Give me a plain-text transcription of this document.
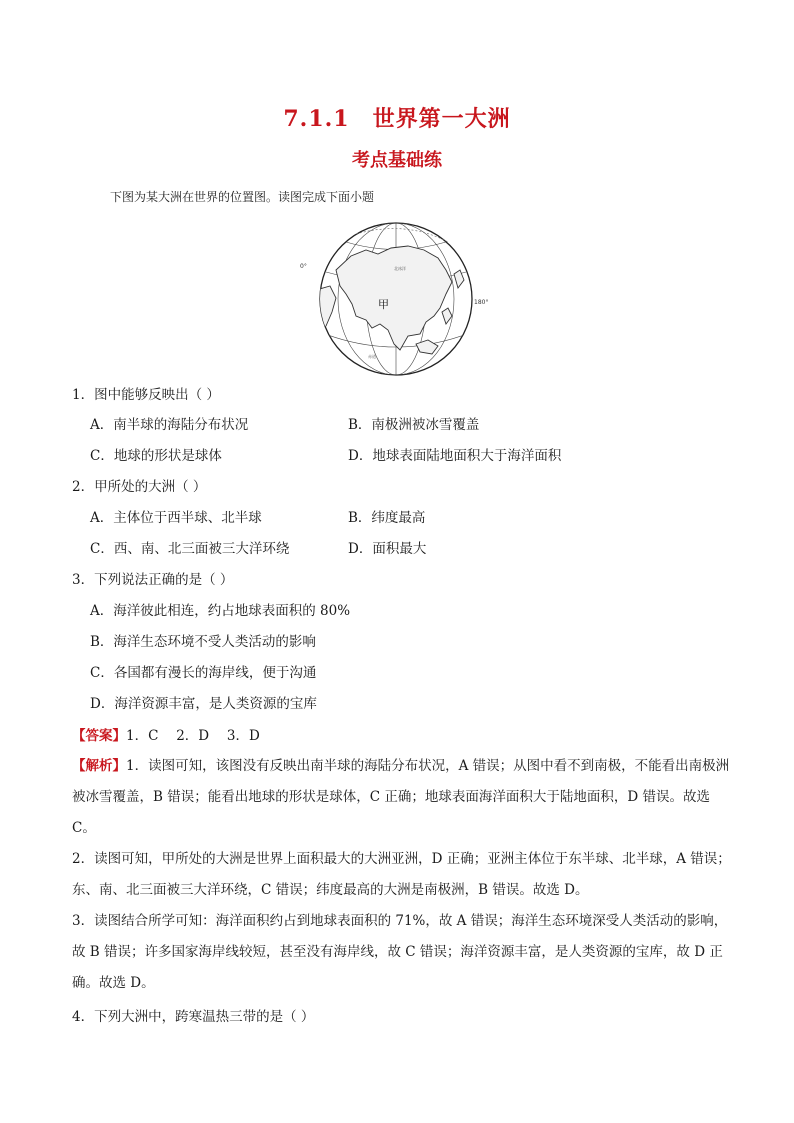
7.1.1　世界第一大洲
考点基础练
下图为某大洲在世界的位置图。读图完成下面小题
甲
北冰洋
赤道
0°
180°
1．图中能够反映出（ ）
A．南半球的海陆分布状况	B．南极洲被冰雪覆盖
C．地球的形状是球体	D．地球表面陆地面积大于海洋面积
2．甲所处的大洲（ ）
A．主体位于西半球、北半球	B．纬度最高
C．西、南、北三面被三大洋环绕	D．面积最大
3．下列说法正确的是（ ）
A．海洋彼此相连，约占地球表面积的 80%
B．海洋生态环境不受人类活动的影响
C．各国都有漫长的海岸线，便于沟通
D．海洋资源丰富，是人类资源的宝库
【答案】1．C　 2．D　 3．D
【解析】1．读图可知，该图没有反映出南半球的海陆分布状况，A 错误；从图中看不到南极，不能看出南极洲被冰雪覆盖，B 错误；能看出地球的形状是球体，C 正确；地球表面海洋面积大于陆地面积，D 错误。故选 C。
2．读图可知，甲所处的大洲是世界上面积最大的大洲亚洲，D 正确；亚洲主体位于东半球、北半球，A 错误；东、南、北三面被三大洋环绕，C 错误；纬度最高的大洲是南极洲，B 错误。故选 D。
3．读图结合所学可知：海洋面积约占到地球表面积的 71%，故 A 错误；海洋生态环境深受人类活动的影响，故 B 错误；许多国家海岸线较短，甚至没有海岸线，故 C 错误；海洋资源丰富，是人类资源的宝库，故 D 正确。故选 D。
4．下列大洲中，跨寒温热三带的是（ ）
